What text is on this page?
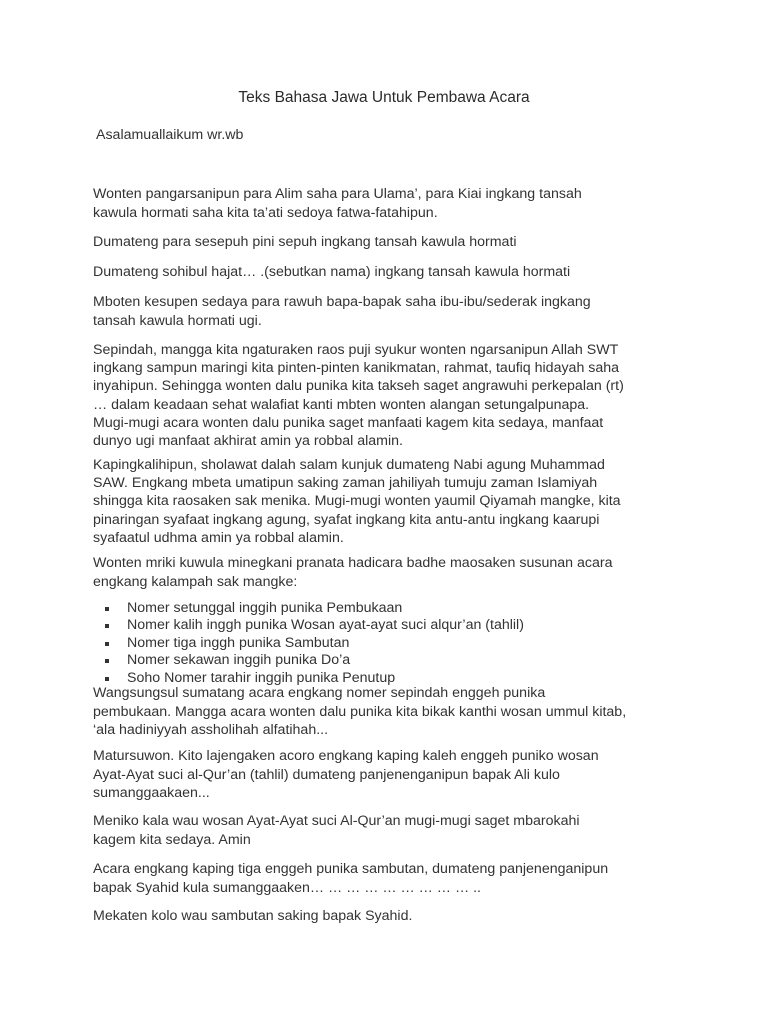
Teks Bahasa Jawa Untuk Pembawa Acara

Asalamuallaikum wr.wb

Wonten pangarsanipun para Alim saha para Ulama’, para Kiai ingkang tansah
kawula hormati saha kita ta’ati sedoya fatwa-fatahipun.

Dumateng para sesepuh pini sepuh ingkang tansah kawula hormati

Dumateng sohibul hajat… .(sebutkan nama) ingkang tansah kawula hormati

Mboten kesupen sedaya para rawuh bapa-bapak saha ibu-ibu/sederak ingkang
tansah kawula hormati ugi.

Sepindah, mangga kita ngaturaken raos puji syukur wonten ngarsanipun Allah SWT
ingkang sampun maringi kita pinten-pinten kanikmatan, rahmat, taufiq hidayah saha
inyahipun. Sehingga wonten dalu punika kita takseh saget angrawuhi perkepalan (rt)
… dalam keadaan sehat walafiat kanti mbten wonten alangan setungalpunapa.
Mugi-mugi acara wonten dalu punika saget manfaati kagem kita sedaya, manfaat
dunyo ugi manfaat akhirat amin ya robbal alamin.

Kapingkalihipun, sholawat dalah salam kunjuk dumateng Nabi agung Muhammad
SAW. Engkang mbeta umatipun saking zaman jahiliyah tumuju zaman Islamiyah
shingga kita raosaken sak menika. Mugi-mugi wonten yaumil Qiyamah mangke, kita
pinaringan syafaat ingkang agung, syafat ingkang kita antu-antu ingkang kaarupi
syafaatul udhma amin ya robbal alamin.

Wonten mriki kuwula minegkani pranata hadicara badhe maosaken susunan acara
engkang kalampah sak mangke:

Nomer setunggal inggih punika Pembukaan
Nomer kalih inggh punika Wosan ayat-ayat suci alqur’an (tahlil)
Nomer tiga inggh punika Sambutan
Nomer sekawan inggih punika Do’a
Soho Nomer tarahir inggih punika Penutup

Wangsungsul sumatang acara engkang nomer sepindah enggeh punika
pembukaan. Mangga acara wonten dalu punika kita bikak kanthi wosan ummul kitab,
‘ala hadiniyyah assholihah alfatihah...

Matursuwon. Kito lajengaken acoro engkang kaping kaleh enggeh puniko wosan
Ayat-Ayat suci al-Qur’an (tahlil) dumateng panjenenganipun bapak Ali kulo
sumanggaakaen...

Meniko kala wau wosan Ayat-Ayat suci Al-Qur’an mugi-mugi saget mbarokahi
kagem kita sedaya. Amin

Acara engkang kaping tiga enggeh punika sambutan, dumateng panjenenganipun
bapak Syahid kula sumanggaaken… … … … … … … … … ..

Mekaten kolo wau sambutan saking bapak Syahid.
